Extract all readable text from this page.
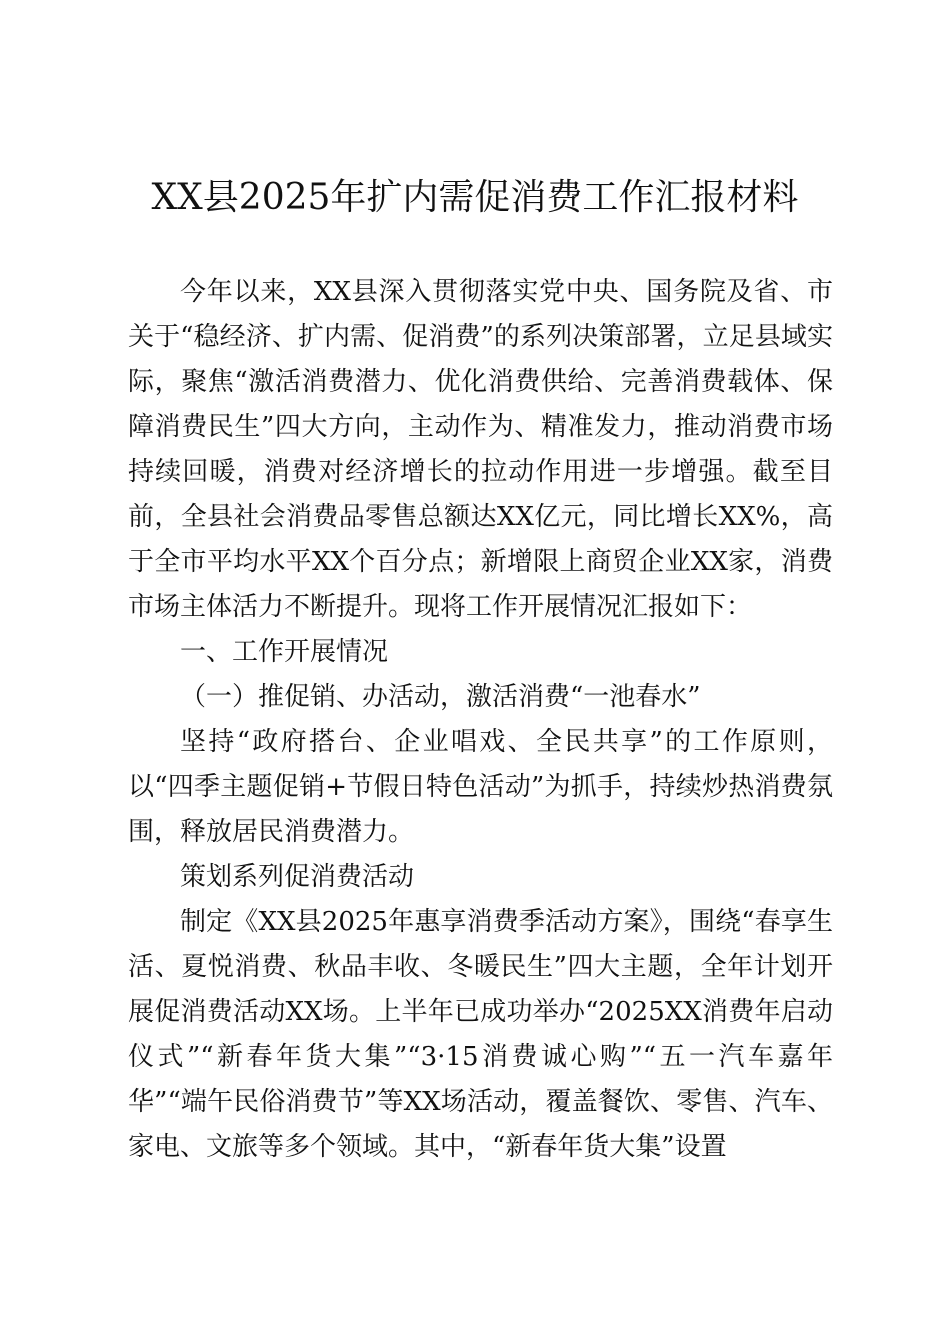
XX县2025年扩内需促消费工作汇报材料

今年以来，XX县深入贯彻落实党中央、国务院及省、市关于“稳经济、扩内需、促消费”的系列决策部署，立足县域实际，聚焦“激活消费潜力、优化消费供给、完善消费载体、保障消费民生”四大方向，主动作为、精准发力，推动消费市场持续回暖，消费对经济增长的拉动作用进一步增强。截至目前，全县社会消费品零售总额达XX亿元，同比增长XX%，高于全市平均水平XX个百分点；新增限上商贸企业XX家，消费市场主体活力不断提升。现将工作开展情况汇报如下：

一、工作开展情况

（一）推促销、办活动，激活消费“一池春水”

坚持“政府搭台、企业唱戏、全民共享”的工作原则，以“四季主题促销+节假日特色活动”为抓手，持续炒热消费氛围，释放居民消费潜力。

策划系列促消费活动

制定《XX县2025年惠享消费季活动方案》，围绕“春享生活、夏悦消费、秋品丰收、冬暖民生”四大主题，全年计划开展促消费活动XX场。上半年已成功举办“2025XX消费年启动仪式”“新春年货大集”“3·15消费诚心购”“五一汽车嘉年华”“端午民俗消费节”等XX场活动，覆盖餐饮、零售、汽车、家电、文旅等多个领域。其中，“新春年货大集”设置
